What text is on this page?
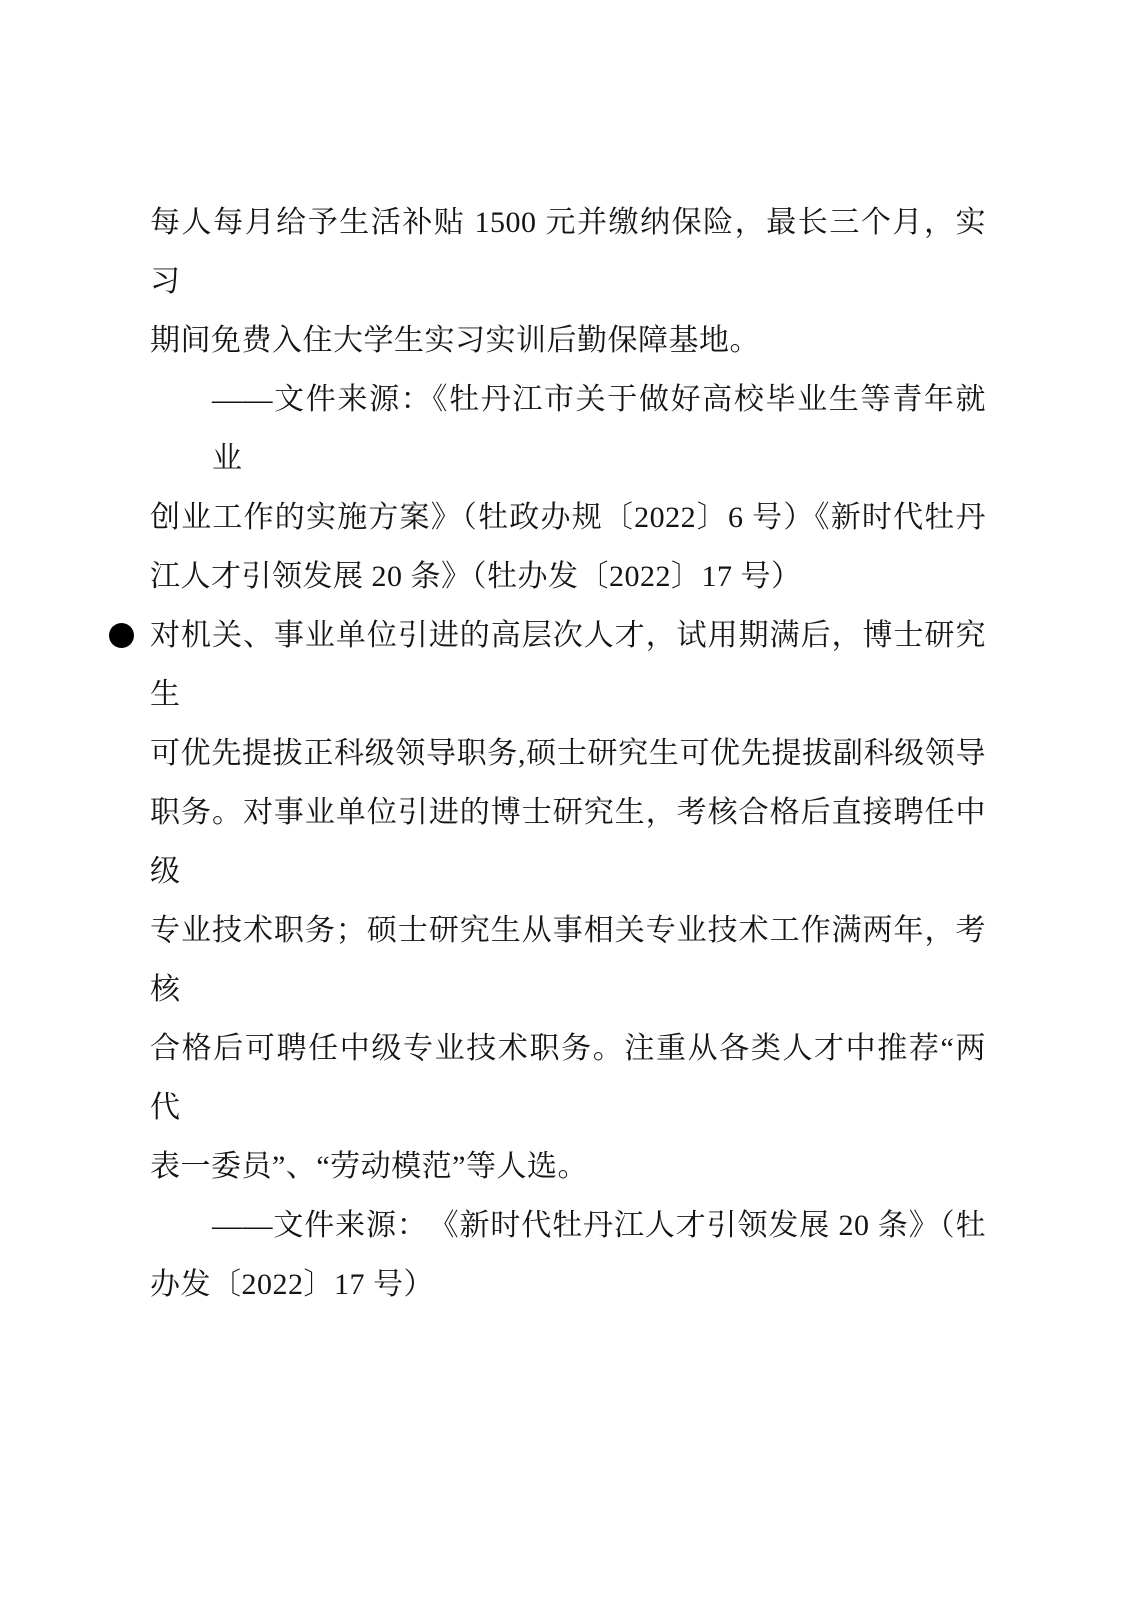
每人每月给予生活补贴 1500 元并缴纳保险，最长三个月，实习
期间免费入住大学生实习实训后勤保障基地。
——文件来源：《牡丹江市关于做好高校毕业生等青年就业
创业工作的实施方案》（牡政办规〔2022〕6 号）《新时代牡丹
江人才引领发展 20 条》（牡办发〔2022〕17 号）
对机关、事业单位引进的高层次人才，试用期满后，博士研究生
可优先提拔正科级领导职务,硕士研究生可优先提拔副科级领导
职务。对事业单位引进的博士研究生，考核合格后直接聘任中级
专业技术职务；硕士研究生从事相关专业技术工作满两年，考核
合格后可聘任中级专业技术职务。注重从各类人才中推荐“两代
表一委员”、“劳动模范”等人选。
——文件来源：　《新时代牡丹江人才引领发展 20 条》（牡
办发〔2022〕17 号）
